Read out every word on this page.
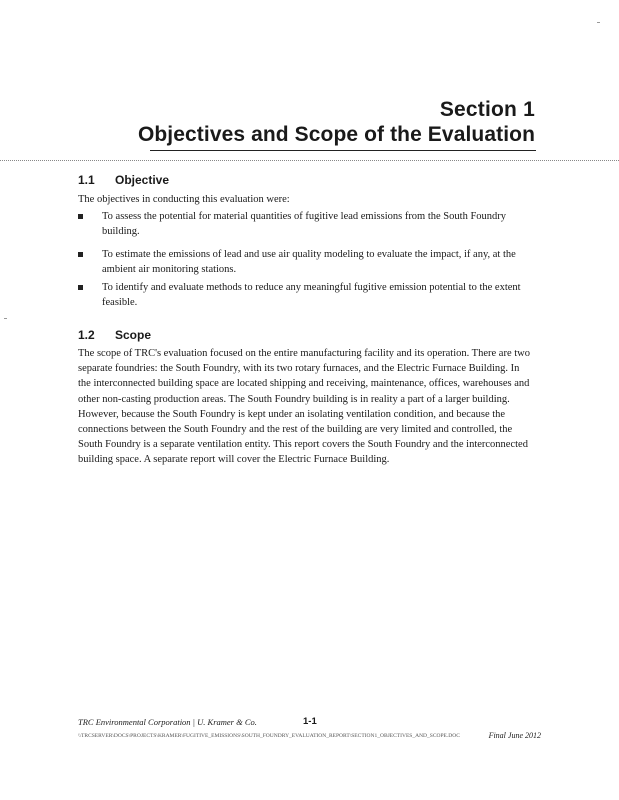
Section 1
Objectives and Scope of the Evaluation
1.1 Objective
The objectives in conducting this evaluation were:
To assess the potential for material quantities of fugitive lead emissions from the South Foundry building.
To estimate the emissions of lead and use air quality modeling to evaluate the impact, if any, at the ambient air monitoring stations.
To identify and evaluate methods to reduce any meaningful fugitive emission potential to the extent feasible.
1.2 Scope
The scope of TRC's evaluation focused on the entire manufacturing facility and its operation. There are two separate foundries: the South Foundry, with its two rotary furnaces, and the Electric Furnace Building. In the interconnected building space are located shipping and receiving, maintenance, offices, warehouses and other non-casting production areas. The South Foundry building is in reality a part of a larger building. However, because the South Foundry is kept under an isolating ventilation condition, and because the connections between the South Foundry and the rest of the building are very limited and controlled, the South Foundry is a separate ventilation entity. This report covers the South Foundry and the interconnected building space. A separate report will cover the Electric Furnace Building.
TRC Environmental Corporation | U. Kramer & Co.	1-1
\\TRCSERVER\DOCS\PROJECTS\KRAMER\FUGITIVE_EMISSIONS\SOUTH_FOUNDRY_EVALUATION_REPORT\SECTION1_OBJECTIVES_AND_SCOPE.DOC	Final June 2012
